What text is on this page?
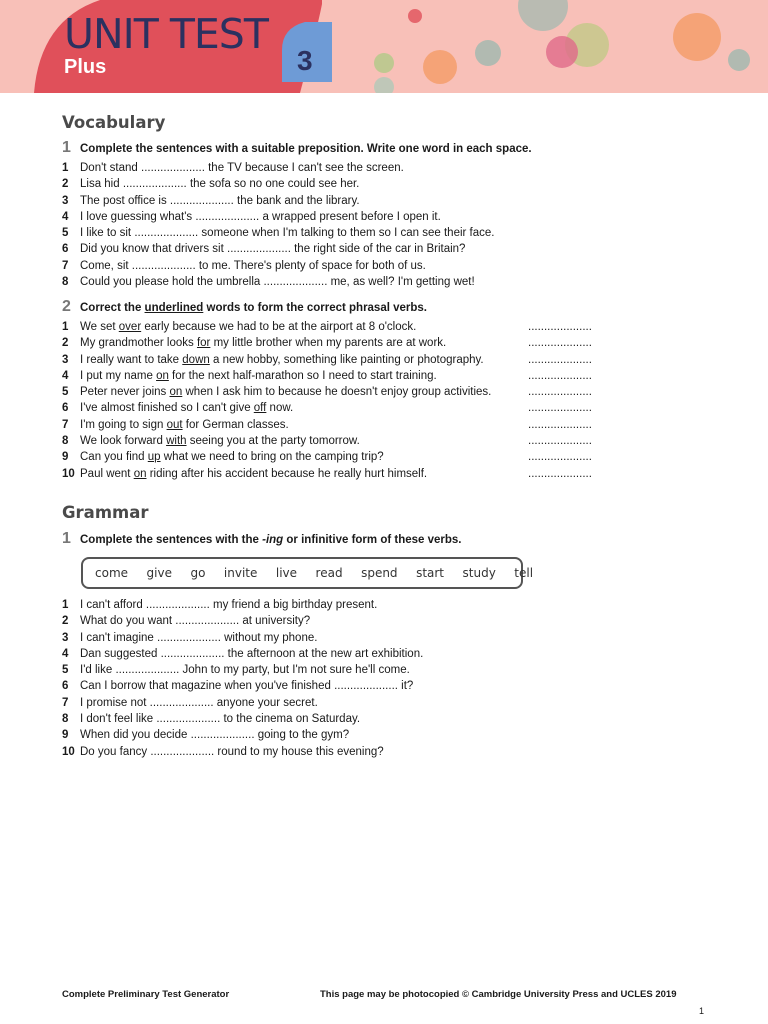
UNIT TEST
Plus	3
Vocabulary
1 Complete the sentences with a suitable preposition. Write one word in each space.
1 Don't stand .................... the TV because I can't see the screen.
2 Lisa hid .................... the sofa so no one could see her.
3 The post office is .................... the bank and the library.
4 I love guessing what's .................... a wrapped present before I open it.
5 I like to sit .................... someone when I'm talking to them so I can see their face.
6 Did you know that drivers sit .................... the right side of the car in Britain?
7 Come, sit .................... to me. There's plenty of space for both of us.
8 Could you please hold the umbrella .................... me, as well? I'm getting wet!
2 Correct the underlined words to form the correct phrasal verbs.
1 We set over early because we had to be at the airport at 8 o'clock.	....................
2 My grandmother looks for my little brother when my parents are at work.	....................
3 I really want to take down a new hobby, something like painting or photography.	....................
4 I put my name on for the next half-marathon so I need to start training.	....................
5 Peter never joins on when I ask him to because he doesn't enjoy group activities.	....................
6 I've almost finished so I can't give off now.	....................
7 I'm going to sign out for German classes.	....................
8 We look forward with seeing you at the party tomorrow.	....................
9 Can you find up what we need to bring on the camping trip?	....................
10 Paul went on riding after his accident because he really hurt himself.	....................
Grammar
1 Complete the sentences with the -ing or infinitive form of these verbs.
come give go invite live read spend start study tell
1 I can't afford .................... my friend a big birthday present.
2 What do you want .................... at university?
3 I can't imagine .................... without my phone.
4 Dan suggested .................... the afternoon at the new art exhibition.
5 I'd like .................... John to my party, but I'm not sure he'll come.
6 Can I borrow that magazine when you've finished .................... it?
7 I promise not .................... anyone your secret.
8 I don't feel like .................... to the cinema on Saturday.
9 When did you decide .................... going to the gym?
10 Do you fancy .................... round to my house this evening?
Complete Preliminary Test Generator	This page may be photocopied © Cambridge University Press and UCLES 2019
1
